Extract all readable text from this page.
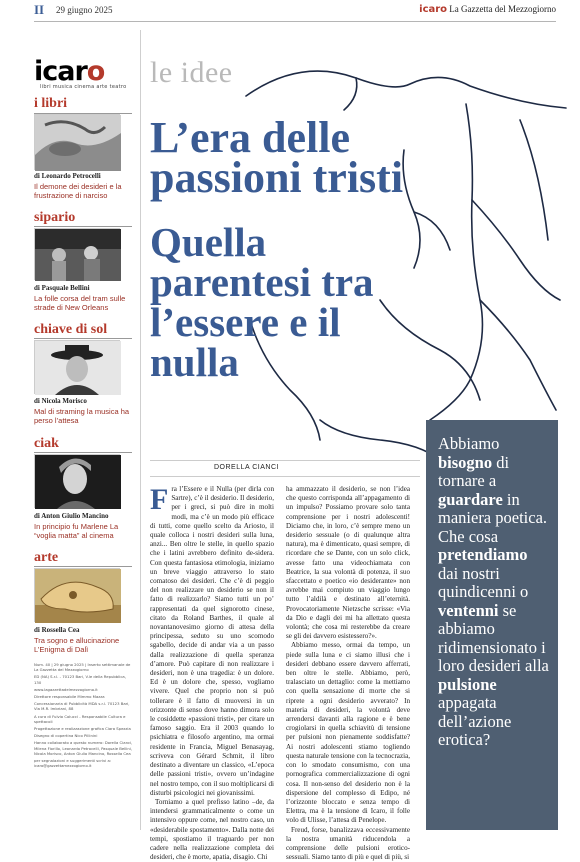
II 29 giugno 2025	icaro La Gazzetta del Mezzogiorno
icaro
libri musica cinema arte teatro
i libri
di Leonardo Petrocelli
Il demone dei desideri e la frustrazione di narciso
sipario
di Pasquale Bellini
La folle corsa del tram sulle strade di New Orleans
chiave di sol
di Nicola Morisco
Mal di straming la musica ha perso l’attesa
ciak
di Anton Giulio Mancino
In principio fu Marlene La “voglia matta” al cinema
arte
di Rossella Cea
Tra sogno e allucinazione L’Enigma di Dalì

Num. 40 | 29 giugno 2025 | Inserto settimanale de La Gazzetta del Mezzogiorno

ED (NA) S.r.l. - 70123 Bari, V.le della Repubblica, 130

www.lagazzettadelmezzogiorno.it

Direttore responsabile Mimmo Mazza

Concessionaria di Pubblicità MDA s.r.l. 70123 Bari, Via M.R. Imbriani, 88

A cura di Fulvio Colucci - Responsabile Cultura e spettacoli

Progettazione e realizzazione grafica Ciara Spezzia

Disegno di copertina Nico Pillinini

Hanno collaborato a questo numero: Dorella Cianci, Milena Fiorillo, Leonardo Petrocelli, Pasquale Bellini, Nicola Morisco, Anton Giulio Mancino, Rossella Cea

per segnalazioni e suggerimenti scrivi a: icaro@gazzettamezzogiorno.it

le idee
L’era delle passioni tristi
Quella parentesi tra l’essere e il nulla
DORELLA CIANCI
F ra l’Essere e il Nulla (per dirla con Sartre), c’è il desiderio. Il desiderio, per i greci, si può dire in molti modi, ma c’è un modo più efficace di tutti, come quello scelto da Ariosto, il quale colloca i nostri desideri sulla luna, anzi... Ben oltre le stelle, in quello spazio che i latini avrebbero definito de-sidera. Con questa fantasiosa etimologia, iniziamo un breve viaggio attraverso lo stato comatoso dei desideri. Che c’è di peggio del non realizzare un desiderio se non il fatto di realizzarlo? Siamo tutti un po’ rappresentati da quel signorotto cinese, citato da Roland Barthes, il quale al novantanovesimo giorno di attesa della principessa, seduto su uno scomodo sgabello, decide di andar via a un passo dalla realizzazione di quella speranza d’amore. Può capitare di non realizzare i desideri, non è una tragedia: è un dolore. Ed è un dolore che, spesso, vogliamo vivere. Quel che proprio non si può tollerare è il fatto di muoversi in un orizzonte di senso dove hanno dimora solo le cosiddette «passioni tristi», per citare un famoso saggio. Era il 2003 quando lo psichiatra e filosofo argentino, ma ormai residente in Francia, Miguel Benasayag, scriveva con Gérard Schmit, il libro destinato a diventare un classico, «L’epoca delle passioni tristi», ovvero un’indagine nel nostro tempo, con il suo moltiplicarsi di disturbi psicologici nei giovanissimi.

Torniamo a quel prefisso latino –de, da intendersi grammaticalmente o come un intensivo oppure come, nel nostro caso, un «desiderabile spostamento». Dalla notte dei tempi, spostiamo il traguardo per non cadere nella realizzazione completa dei desideri, che è morte, apatia, disagio. Chi

ha ammazzato il desiderio, se non l’idea che questo corrisponda all’appagamento di un impulso? Possiamo provare solo tanta comprensione per i nostri adolescenti! Diciamo che, in loro, c’è sempre meno un desiderio sessuale (o di qualunque altra natura), ma è dimenticato, quasi sempre, di ricordare che se Dante, con un solo click, avesse fatto una videochiamata con Beatrice, la sua volontà di potenza, il suo sfaccettato e poetico «io desiderante» non avrebbe mai compiuto un viaggio lungo tutto l’aldilà e destinato all’eternità. Provocatoriamente Nietzsche scrisse: «Via da Dio e dagli dei mi ha allettato questa volontà; che cosa mi resterebbe da creare se gli dei davvero esistessero?».

Abbiamo messo, ormai da tempo, un piede sulla luna e ci siamo illusi che i desideri debbano essere davvero afferrati, ben oltre le stelle. Abbiamo, però, tralasciato un dettaglio: come la mettiamo con quella sensazione di morte che si riprete a ogni desiderio avverato? In materia di desideri, la volontà deve arrendersi davanti alla ragione e è bene crogiolarsi in quella schiavitù di tensione per pulsioni non pienamente soddisfatte? Ai nostri adolescenti stiamo togliendo questa naturale tensione con la tecnocrazia, con lo smodato consumismo, con una pornografica commercializzazione di ogni cosa. Il non-senso del desiderio non è la dispersione del complesso di Edipo, né l’orizzonte bloccato e senza tempo di Elettra, ma è la tensione di Icaro, il folle volo di Ulisse, l’attesa di Penelope.

Freud, forse, banalizzava eccessivamente la nostra umanità riducendola a comprensione delle pulsioni erotico-sessuali. Siamo tanto di più e quel di più, si

Abbiamo bisogno di tornare a guardare in maniera poetica. Che cosa pretendiamo dai nostri quindicenni o ventenni se abbiamo ridimensionato i loro desideri alla pulsione appagata dell’azione erotica?
